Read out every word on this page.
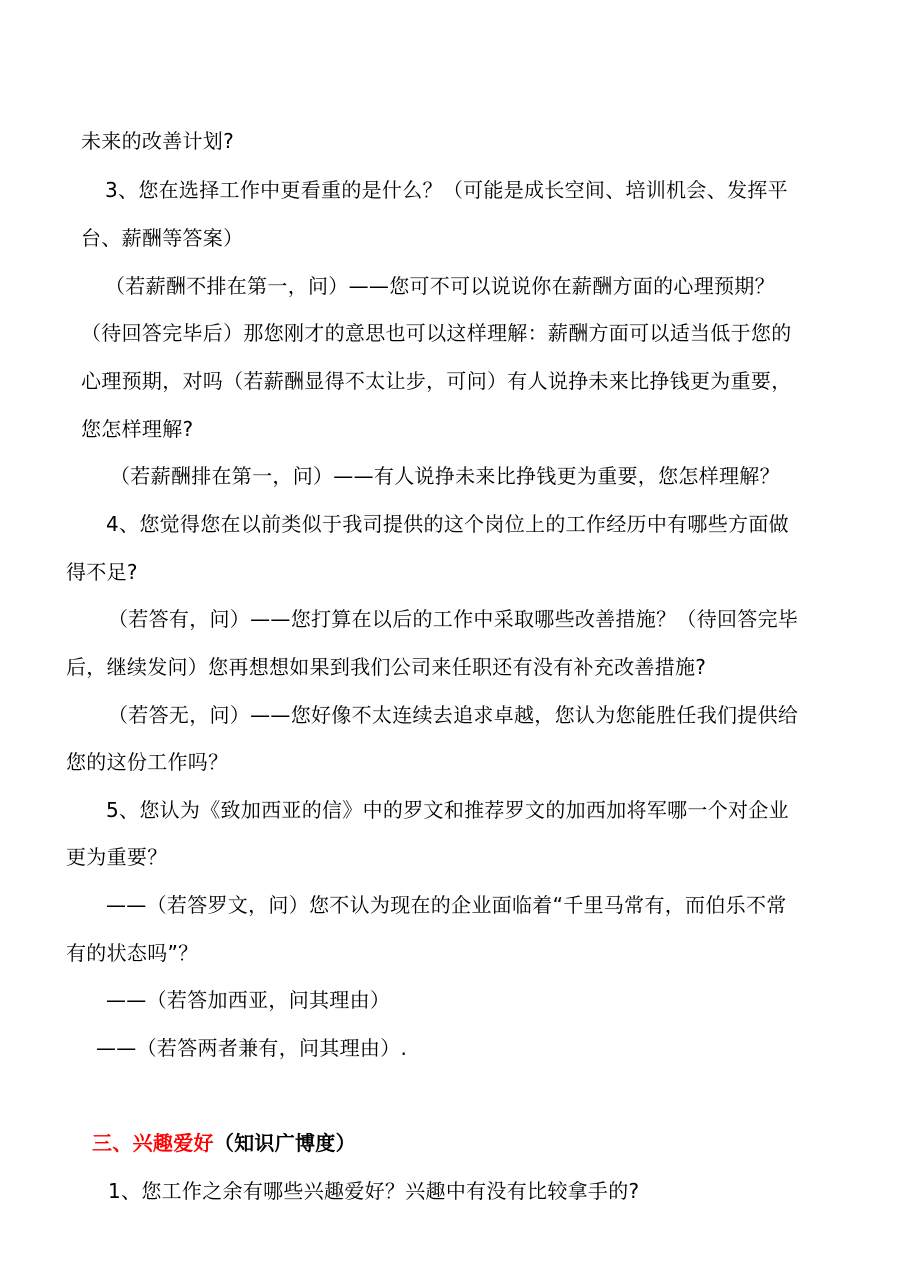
未来的改善计划?
3、您在选择工作中更看重的是什么？（可能是成长空间、培训机会、发挥平
台、薪酬等答案）
（若薪酬不排在第一，问）——您可不可以说说你在薪酬方面的心理预期？
（待回答完毕后）那您刚才的意思也可以这样理解：薪酬方面可以适当低于您的
心理预期，对吗（若薪酬显得不太让步，可问）有人说挣未来比挣钱更为重要，
您怎样理解?
（若薪酬排在第一，问）——有人说挣未来比挣钱更为重要，您怎样理解？
4、您觉得您在以前类似于我司提供的这个岗位上的工作经历中有哪些方面做
得不足?
（若答有，问）——您打算在以后的工作中采取哪些改善措施？（待回答完毕
后，继续发问）您再想想如果到我们公司来任职还有没有补充改善措施?
（若答无，问）——您好像不太连续去追求卓越，您认为您能胜任我们提供给
您的这份工作吗？
5、您认为《致加西亚的信》中的罗文和推荐罗文的加西加将军哪一个对企业
更为重要？
——（若答罗文，问）您不认为现在的企业面临着“千里马常有，而伯乐不常
有的状态吗”？
——（若答加西亚，问其理由）
——（若答两者兼有，问其理由）.
三、兴趣爱好（知识广博度）
1、您工作之余有哪些兴趣爱好？兴趣中有没有比较拿手的?
